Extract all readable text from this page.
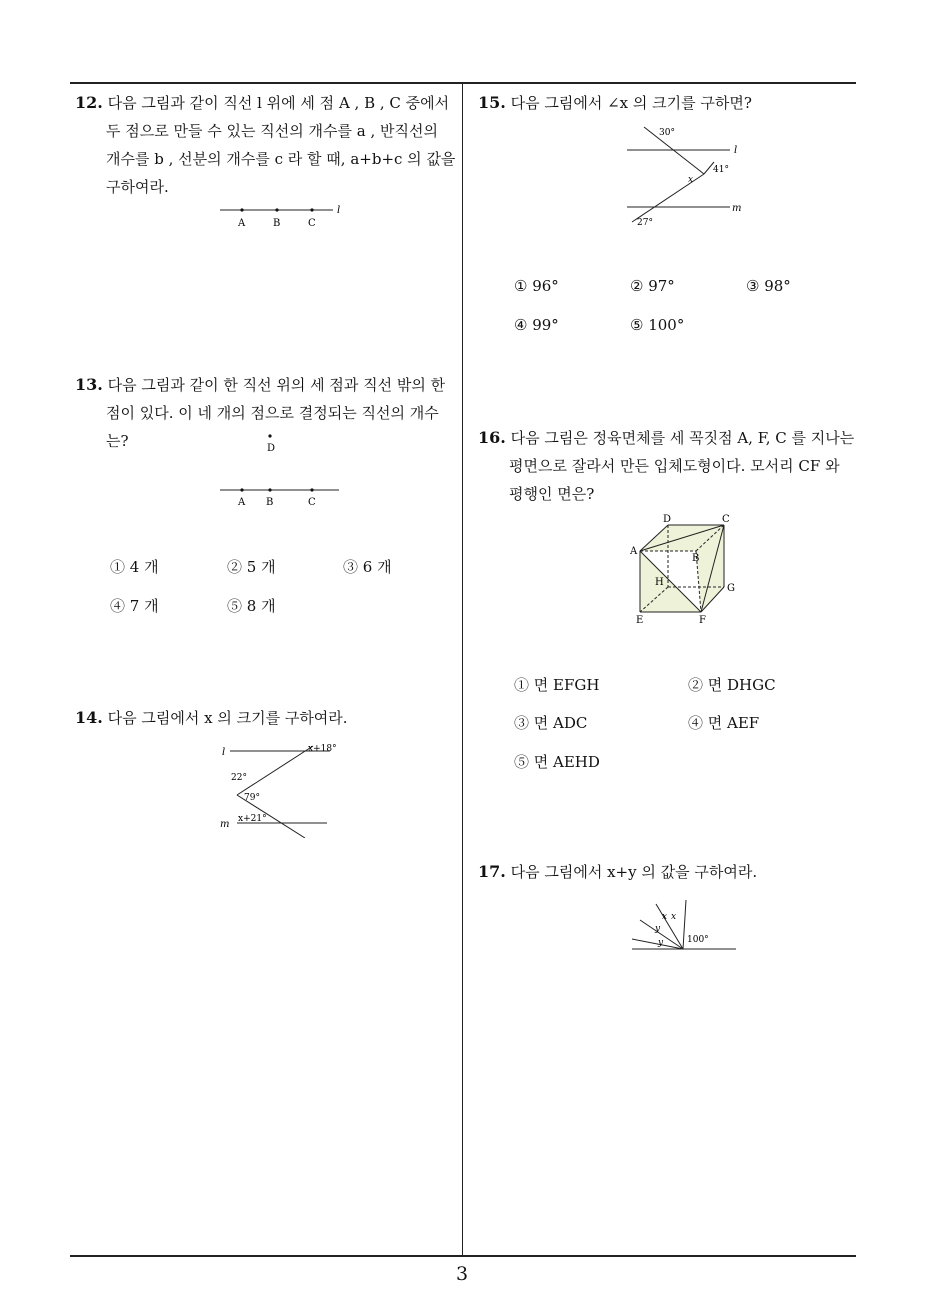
3
12. 다음 그림과 같이 직선 l 위에 세 점 A , B , C 중에서
두 점으로 만들 수 있는 직선의 개수를 a , 반직선의
개수를 b , 선분의 개수를 c 라 할 때, a+b+c 의 값을
구하여라.
A	B	C
l
13. 다음 그림과 같이 한 직선 위의 세 점과 직선 밖의 한
점이 있다. 이 네 개의 점으로 결정되는 직선의 개수는?	D
A B	C
① 4 개	② 5 개	③ 6 개
④ 7 개	⑤ 8 개
14. 다음 그림에서 x 의 크기를 구하여라.
l
m
x+18°
22°
79°
x+21°
15. 다음 그림에서 ∠x 의 크기를 구하면?
30°
l
41°
x
m
27°
① 96°	② 97°	③ 98°
④ 99°	⑤ 100°
16. 다음 그림은 정육면체를 세 꼭짓점 A, F, C 를 지나는
평면으로 잘라서 만든 입체도형이다. 모서리 CF 와
평행인 면은?
D	C
A
B
H
G
E	F
① 면 EFGH	② 면 DHGC
③ 면 ADC	④ 면 AEF
⑤ 면 AEHD
17. 다음 그림에서 x+y 의 값을 구하여라.
x x
y
y	100°
